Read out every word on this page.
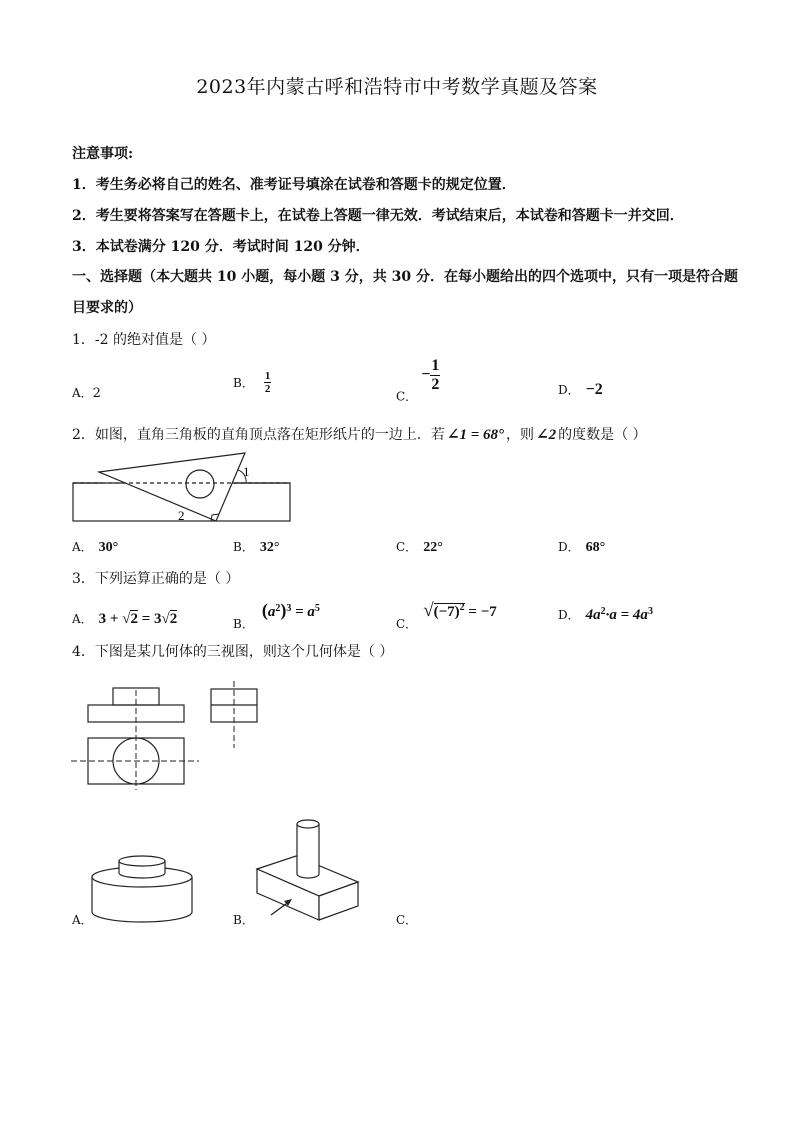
2023年内蒙古呼和浩特市中考数学真题及答案
注意事项:
1．考生务必将自己的姓名、准考证号填涂在试卷和答题卡的规定位置．
2．考生要将答案写在答题卡上，在试卷上答题一律无效．考试结束后，本试卷和答题卡一并交回．
3．本试卷满分 120 分．考试时间 120 分钟．
一、选择题（本大题共 10 小题，每小题 3 分，共 30 分．在每小题给出的四个选项中，只有一项是符合题
目要求的）
1．-2 的绝对值是（ ）
A．2
B． $\frac{1}{2}$
C．− $\frac{1}{2}$	D． −2
2．如图，直角三角板的直角顶点落在矩形纸片的一边上．若 ∠1 = 68° ，则 ∠2 的度数是（ ）
1
2
A． 30°	B． 32°	C． 22°	D． 68°
3．下列运算正确的是（ ）
A． 3 + √2 = 3√2	B．$(a^2)^3 = a^5$
C．$√(-7)^2 = -7$	D． $4a^2\cdot a = 4a^3$
4．下图是某几何体的三视图，则这个几何体是（ ）
A．	B．	C．
